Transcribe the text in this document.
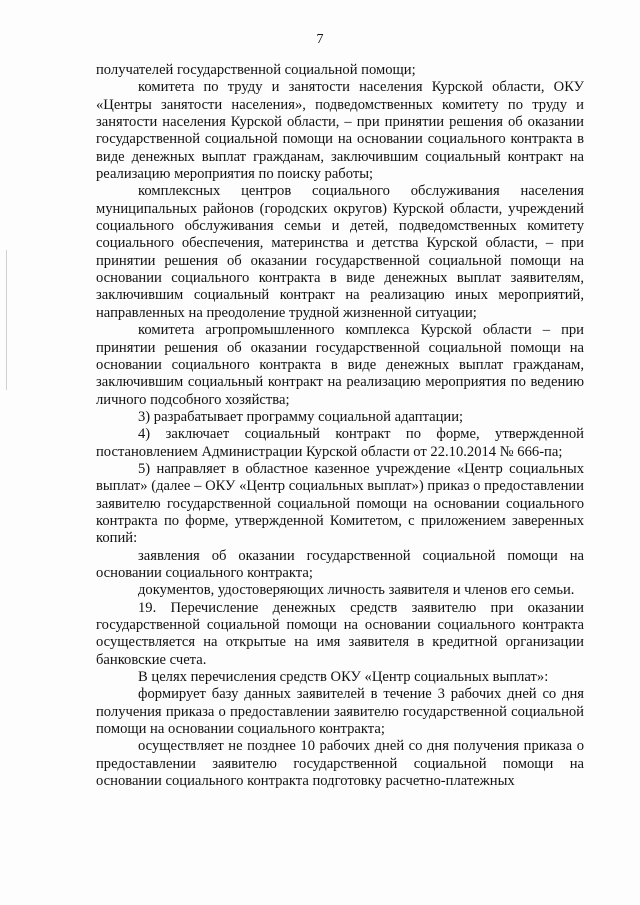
7

получателей государственной социальной помощи;

комитета по труду и занятости населения Курской области, ОКУ «Центры занятости населения», подведомственных комитету по труду и занятости населения Курской области, – при принятии решения об оказании государственной социальной помощи на основании социального контракта в виде денежных выплат гражданам, заключившим социальный контракт на реализацию мероприятия по поиску работы;

комплексных центров социального обслуживания населения муниципальных районов (городских округов) Курской области, учреждений социального обслуживания семьи и детей, подведомственных комитету социального обеспечения, материнства и детства Курской области, – при принятии решения об оказании государственной социальной помощи на основании социального контракта в виде денежных выплат заявителям, заключившим социальный контракт на реализацию иных мероприятий, направленных на преодоление трудной жизненной ситуации;

комитета агропромышленного комплекса Курской области – при принятии решения об оказании государственной социальной помощи на основании социального контракта в виде денежных выплат гражданам, заключившим социальный контракт на реализацию мероприятия по ведению личного подсобного хозяйства;

3) разрабатывает программу социальной адаптации;

4) заключает социальный контракт по форме, утвержденной постановлением Администрации Курской области от 22.10.2014 № 666-па;

5) направляет в областное казенное учреждение «Центр социальных выплат» (далее – ОКУ «Центр социальных выплат») приказ о предоставлении заявителю государственной социальной помощи на основании социального контракта по форме, утвержденной Комитетом, с приложением заверенных копий:

заявления об оказании государственной социальной помощи на основании социального контракта;

документов, удостоверяющих личность заявителя и членов его семьи.

19. Перечисление денежных средств заявителю при оказании государственной социальной помощи на основании социального контракта осуществляется на открытые на имя заявителя в кредитной организации банковские счета.

В целях перечисления средств ОКУ «Центр социальных выплат»:

формирует базу данных заявителей в течение 3 рабочих дней со дня получения приказа о предоставлении заявителю государственной социальной помощи на основании социального контракта;

осуществляет не позднее 10 рабочих дней со дня получения приказа о предоставлении заявителю государственной социальной помощи на основании социального контракта подготовку расчетно-платежных
